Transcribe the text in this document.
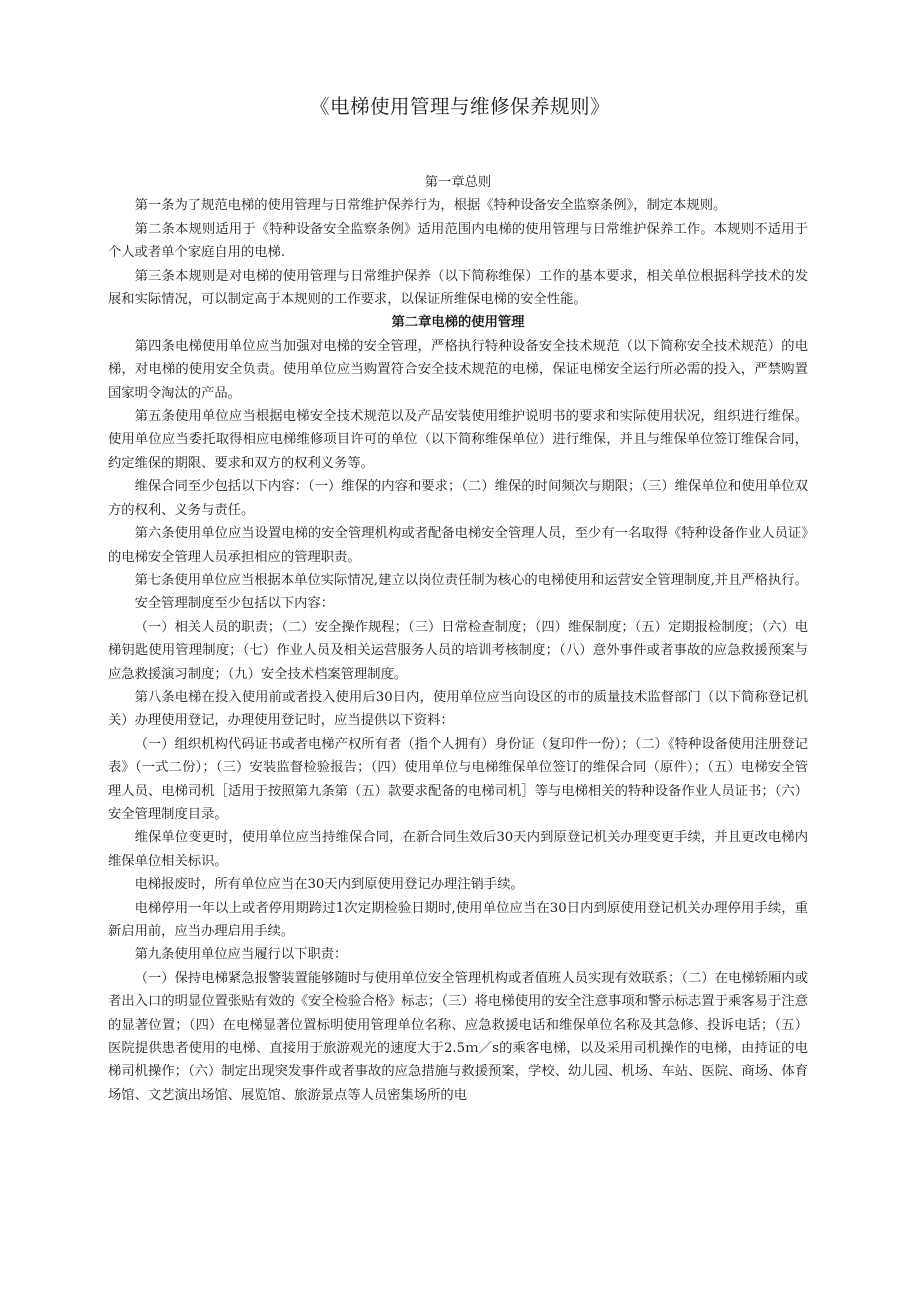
《电梯使用管理与维修保养规则》
第一章总则

第一条为了规范电梯的使用管理与日常维护保养行为，根据《特种设备安全监察条例》，制定本规则。

第二条本规则适用于《特种设备安全监察条例》适用范围内电梯的使用管理与日常维护保养工作。本规则不适用于个人或者单个家庭自用的电梯.

第三条本规则是对电梯的使用管理与日常维护保养（以下简称维保）工作的基本要求，相关单位根据科学技术的发展和实际情况，可以制定高于本规则的工作要求，以保证所维保电梯的安全性能。

第二章电梯的使用管理

第四条电梯使用单位应当加强对电梯的安全管理，严格执行特种设备安全技术规范（以下简称安全技术规范）的电梯，对电梯的使用安全负责。使用单位应当购置符合安全技术规范的电梯，保证电梯安全运行所必需的投入，严禁购置国家明令淘汰的产品。

第五条使用单位应当根据电梯安全技术规范以及产品安装使用维护说明书的要求和实际使用状况，组织进行维保。使用单位应当委托取得相应电梯维修项目许可的单位（以下简称维保单位）进行维保，并且与维保单位签订维保合同，约定维保的期限、要求和双方的权利义务等。

维保合同至少包括以下内容：（一）维保的内容和要求；（二）维保的时间频次与期限；（三）维保单位和使用单位双方的权利、义务与责任。

第六条使用单位应当设置电梯的安全管理机构或者配备电梯安全管理人员，至少有一名取得《特种设备作业人员证》的电梯安全管理人员承担相应的管理职责。

第七条使用单位应当根据本单位实际情况,建立以岗位责任制为核心的电梯使用和运营安全管理制度,并且严格执行。

安全管理制度至少包括以下内容：

（一）相关人员的职责；（二）安全操作规程；（三）日常检查制度；（四）维保制度；（五）定期报检制度；（六）电梯钥匙使用管理制度；（七）作业人员及相关运营服务人员的培训考核制度；（八）意外事件或者事故的应急救援预案与应急救援演习制度；（九）安全技术档案管理制度。

第八条电梯在投入使用前或者投入使用后30日内，使用单位应当向设区的市的质量技术监督部门（以下简称登记机关）办理使用登记，办理使用登记时，应当提供以下资料：

（一）组织机构代码证书或者电梯产权所有者（指个人拥有）身份证（复印件一份）；（二）《特种设备使用注册登记表》（一式二份）；（三）安装监督检验报告；（四）使用单位与电梯维保单位签订的维保合同（原件）；（五）电梯安全管理人员、电梯司机［适用于按照第九条第（五）款要求配备的电梯司机］等与电梯相关的特种设备作业人员证书；（六）安全管理制度目录。

维保单位变更时，使用单位应当持维保合同，在新合同生效后30天内到原登记机关办理变更手续，并且更改电梯内维保单位相关标识。

电梯报废时，所有单位应当在30天内到原使用登记办理注销手续。

电梯停用一年以上或者停用期跨过1次定期检验日期时,使用单位应当在30日内到原使用登记机关办理停用手续，重新启用前，应当办理启用手续。

第九条使用单位应当履行以下职责：

（一）保持电梯紧急报警装置能够随时与使用单位安全管理机构或者值班人员实现有效联系；（二）在电梯轿厢内或者出入口的明显位置张贴有效的《安全检验合格》标志；（三）将电梯使用的安全注意事项和警示标志置于乘客易于注意的显著位置；（四）在电梯显著位置标明使用管理单位名称、应急救援电话和维保单位名称及其急修、投诉电话；（五）医院提供患者使用的电梯、直接用于旅游观光的速度大于2.5ｍ／s的乘客电梯，以及采用司机操作的电梯，由持证的电梯司机操作；（六）制定出现突发事件或者事故的应急措施与救援预案，学校、幼儿园、机场、车站、医院、商场、体育场馆、文艺演出场馆、展览馆、旅游景点等人员密集场所的电
